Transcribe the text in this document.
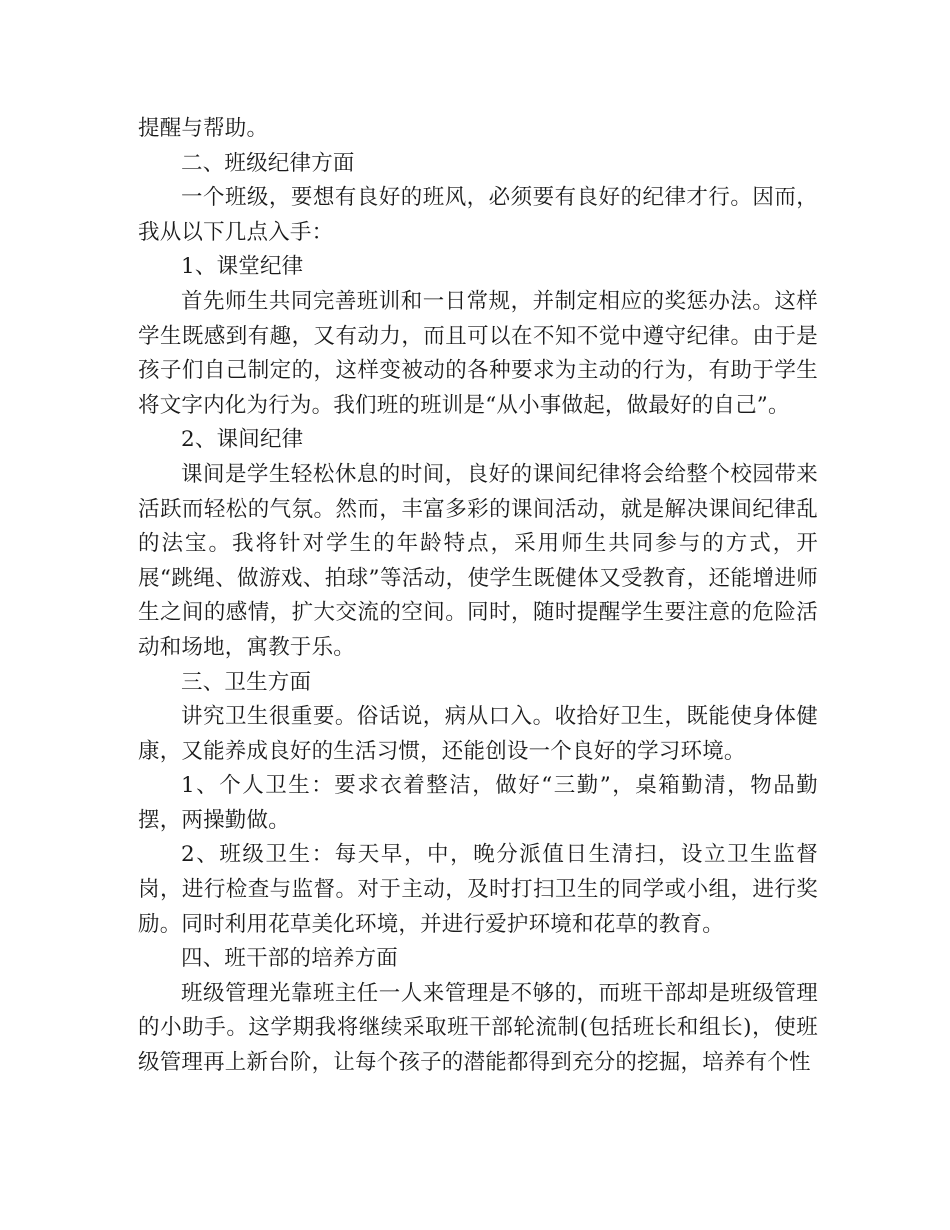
提醒与帮助。

二、班级纪律方面

一个班级，要想有良好的班风，必须要有良好的纪律才行。因而，我从以下几点入手：

1、课堂纪律

首先师生共同完善班训和一日常规，并制定相应的奖惩办法。这样学生既感到有趣，又有动力，而且可以在不知不觉中遵守纪律。由于是孩子们自己制定的，这样变被动的各种要求为主动的行为，有助于学生将文字内化为行为。我们班的班训是“从小事做起，做最好的自己”。

2、课间纪律

课间是学生轻松休息的时间，良好的课间纪律将会给整个校园带来活跃而轻松的气氛。然而，丰富多彩的课间活动，就是解决课间纪律乱的法宝。我将针对学生的年龄特点，采用师生共同参与的方式，开展“跳绳、做游戏、拍球”等活动，使学生既健体又受教育，还能增进师生之间的感情，扩大交流的空间。同时，随时提醒学生要注意的危险活动和场地，寓教于乐。

三、卫生方面

讲究卫生很重要。俗话说，病从口入。收拾好卫生，既能使身体健康，又能养成良好的生活习惯，还能创设一个良好的学习环境。

1、个人卫生：要求衣着整洁，做好“三勤”，桌箱勤清，物品勤摆，两操勤做。

2、班级卫生：每天早，中，晚分派值日生清扫，设立卫生监督岗，进行检查与监督。对于主动，及时打扫卫生的同学或小组，进行奖励。同时利用花草美化环境，并进行爱护环境和花草的教育。

四、班干部的培养方面

班级管理光靠班主任一人来管理是不够的，而班干部却是班级管理的小助手。这学期我将继续采取班干部轮流制(包括班长和组长)，使班级管理再上新台阶，让每个孩子的潜能都得到充分的挖掘，培养有个性
